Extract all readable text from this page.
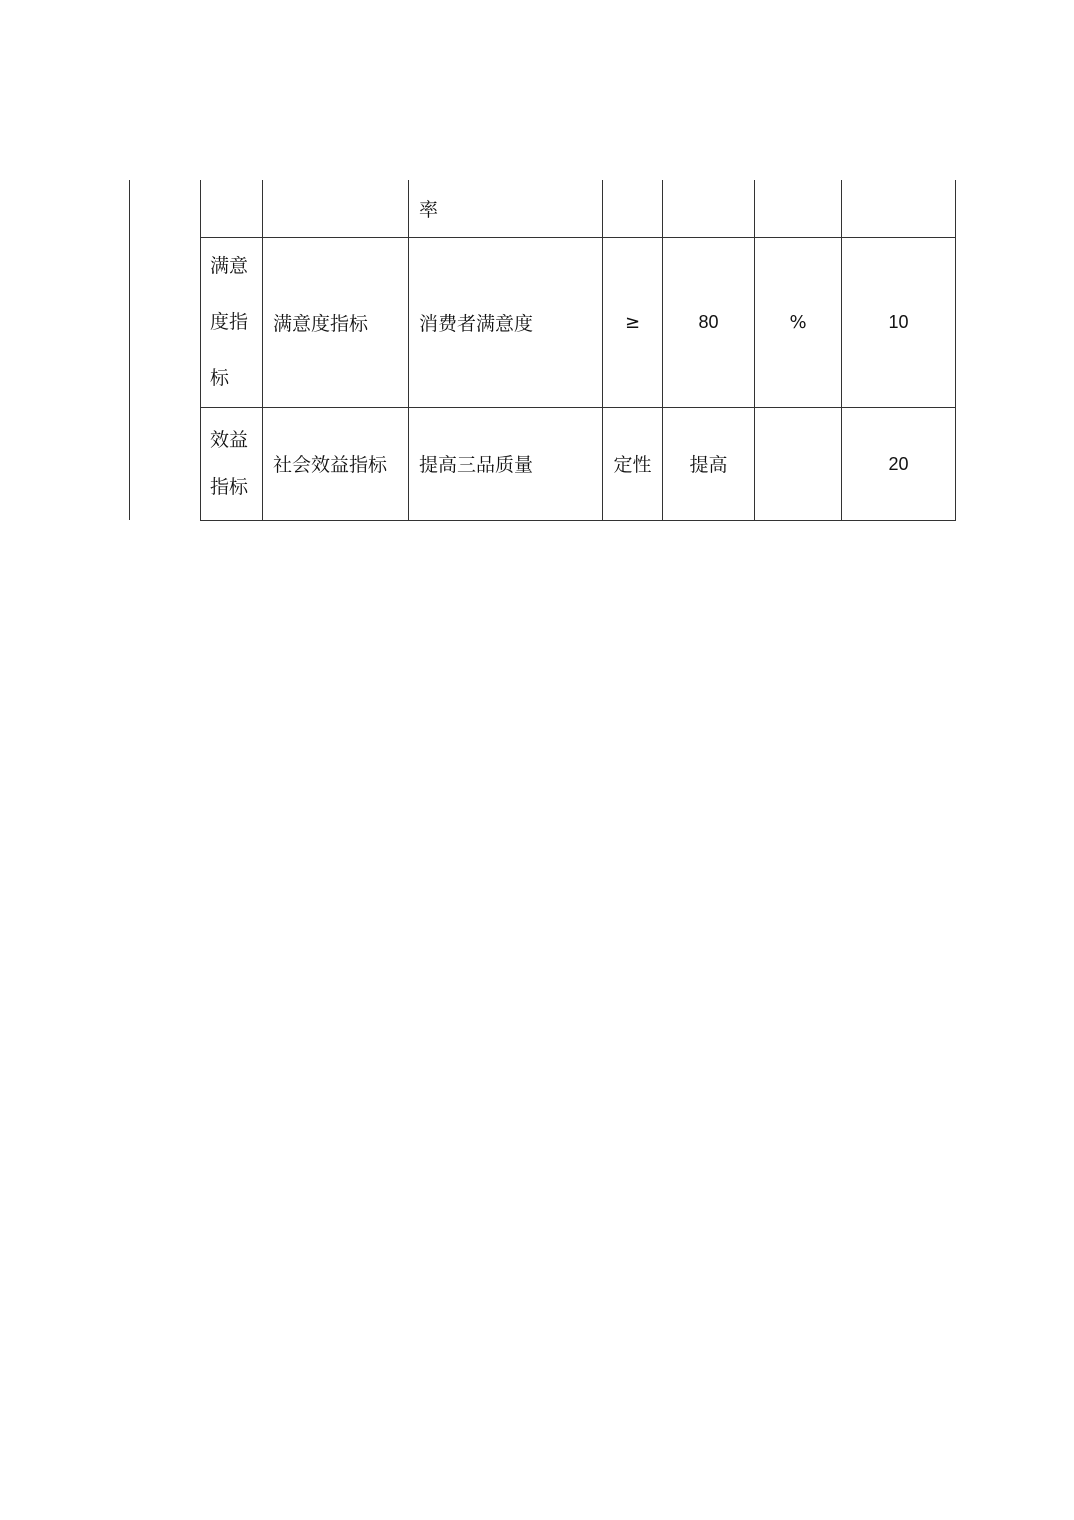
			率				

	满意度指标	满意度指标	消费者满意度	≥	80	%	10

	效益指标	社会效益指标	提高三品质量	定性	提高		20
